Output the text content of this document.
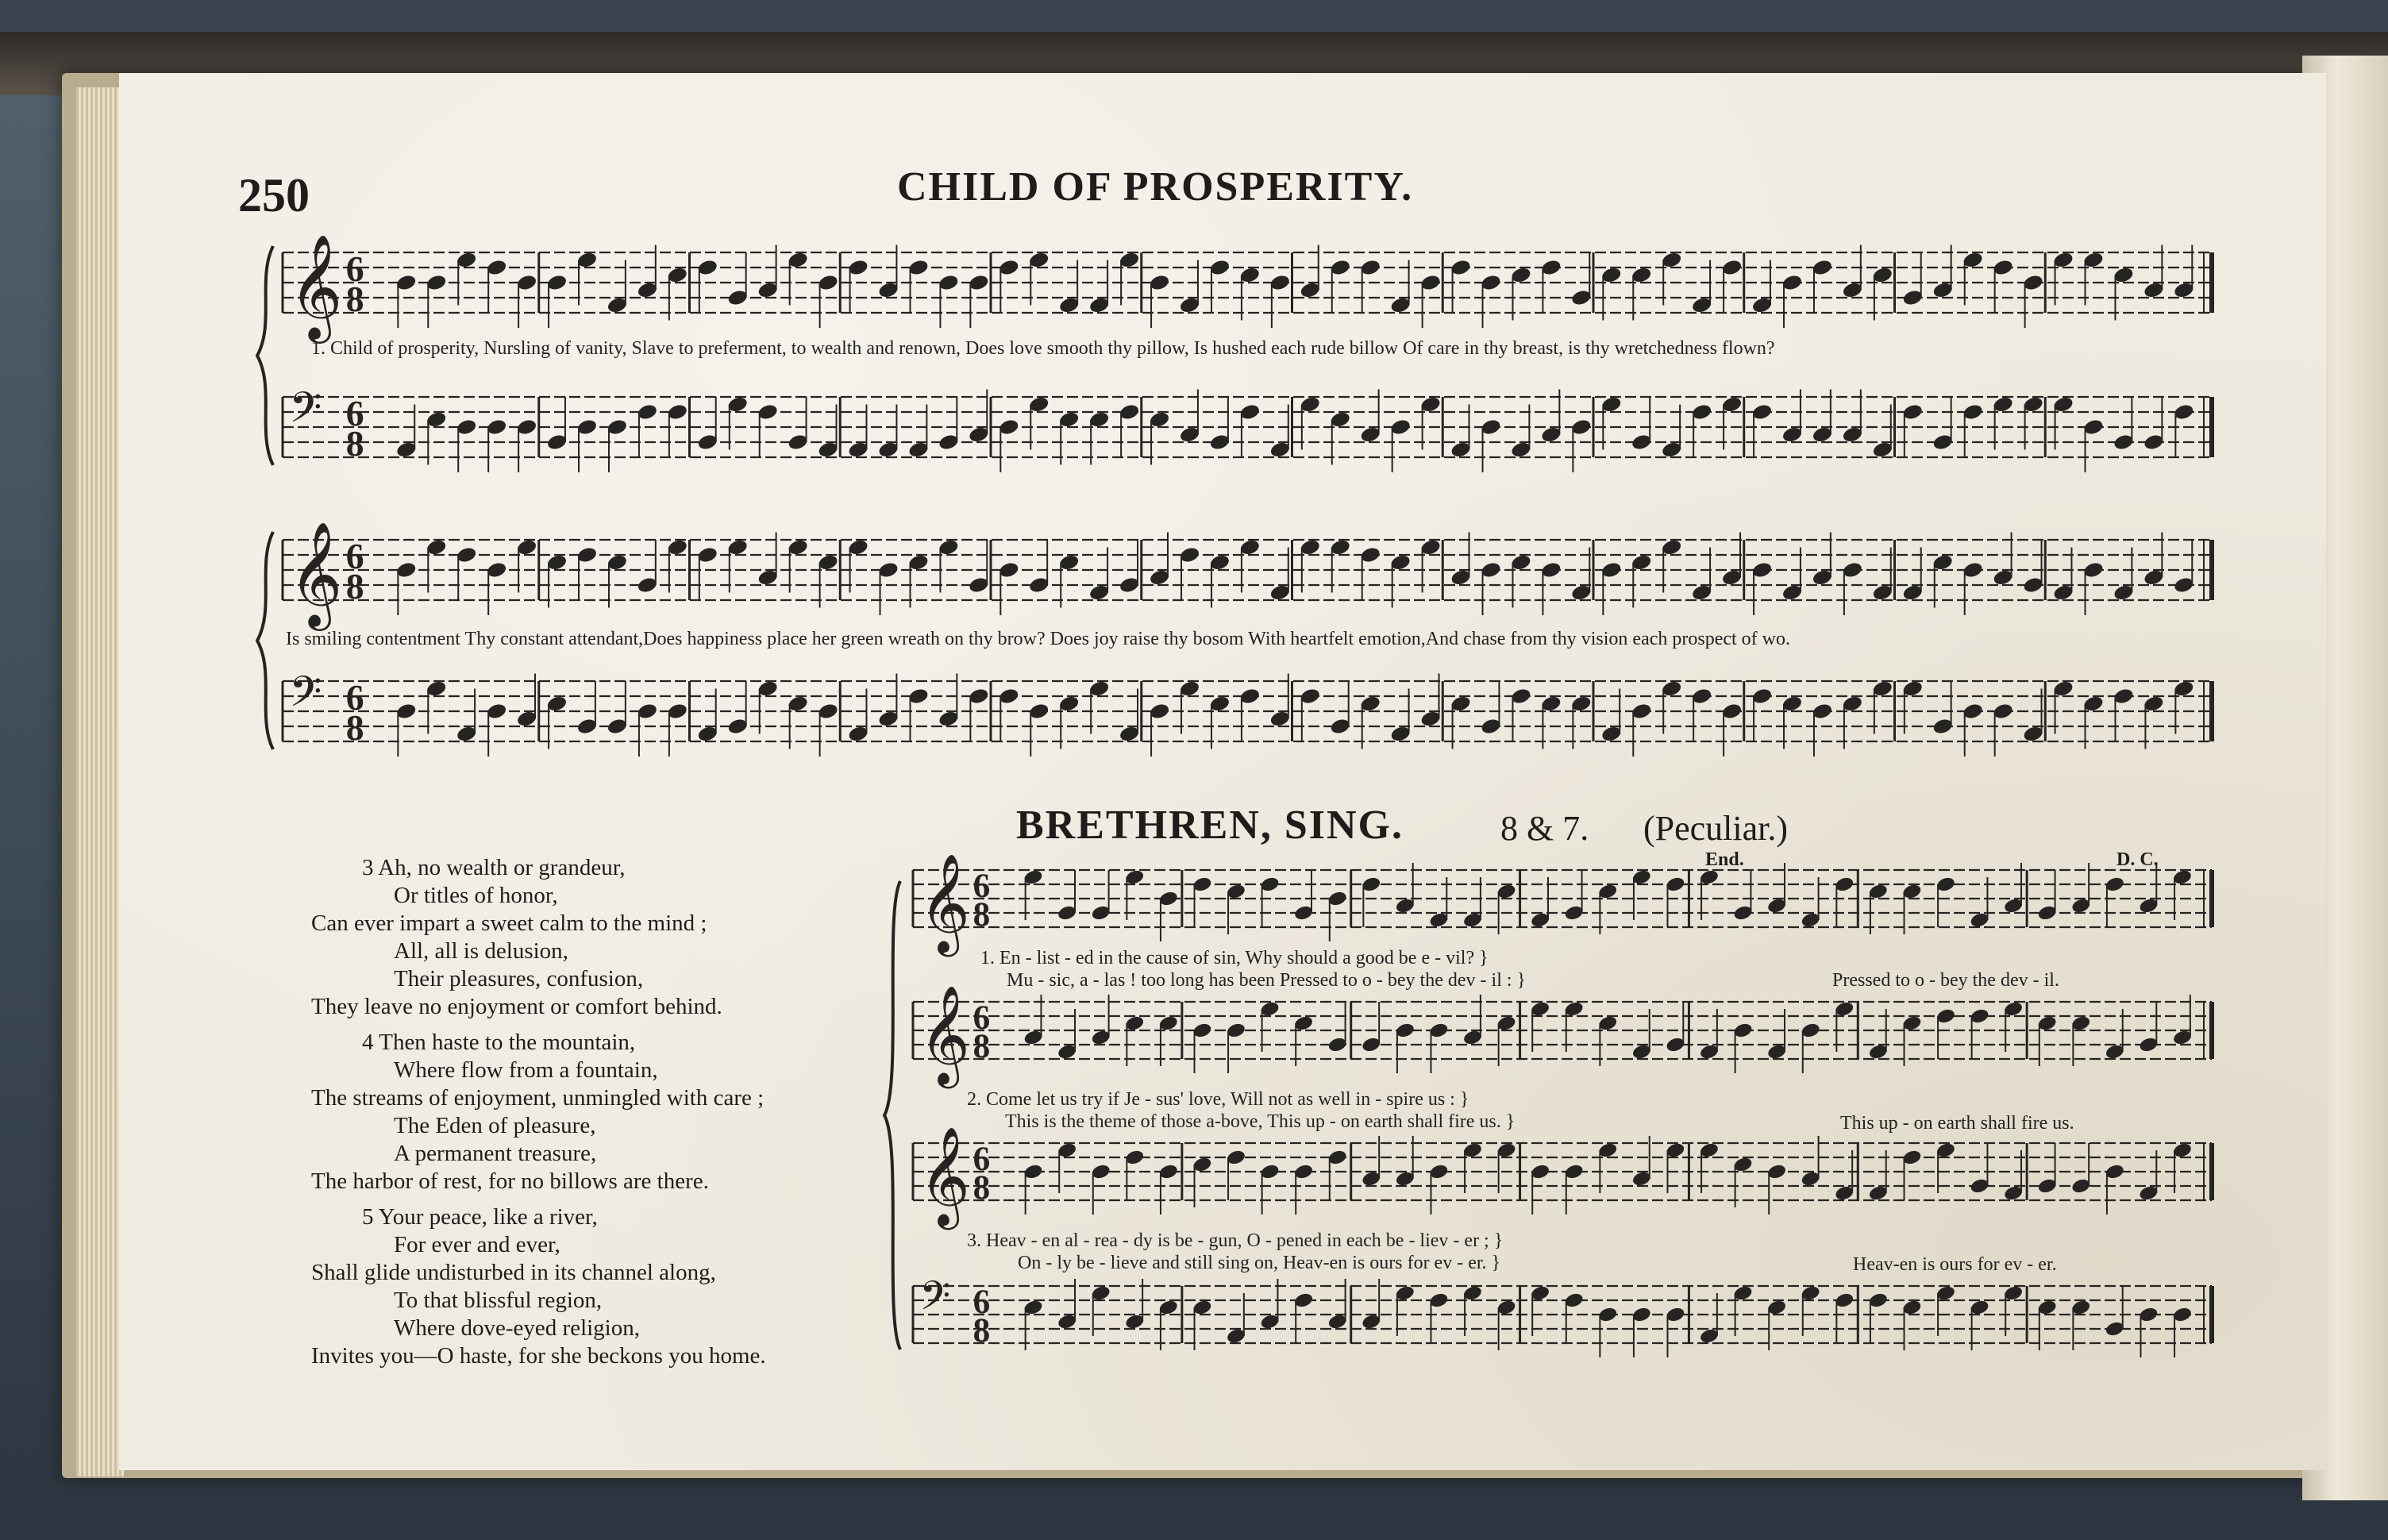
𝄞 6
8
𝄢 6
8
𝄞 6
8
𝄢 6
8
𝄞 6
8
𝄞 6
8
𝄞 6
8
𝄢 6
8
250	CHILD OF PROSPERITY.
1. Child of prosperity, Nursling of vanity, Slave to preferment, to wealth and renown, Does love smooth thy pillow, Is hushed each rude billow Of care in thy breast, is thy wretchedness flown?
Is smiling contentment Thy constant attendant,Does happiness place her green wreath on thy brow? Does joy raise thy bosom With heartfelt emotion,And chase from thy vision each prospect of wo.
BRETHREN, SING.	8 & 7. (Peculiar.)
End.	D. C.
1. En - list - ed in the cause of sin, Why should a good be e - vil? }
Mu - sic, a - las ! too long has been Pressed to o - bey the dev - il : }	Pressed to o - bey the dev - il.
2. Come let us try if Je - sus' love, Will not as well in - spire us : }
This is the theme of those a-bove, This up - on earth shall fire us. }	This up - on earth shall fire us.
3. Heav - en al - rea - dy is be - gun, O - pened in each be - liev - er ; }
On - ly be - lieve and still sing on, Heav-en is ours for ev - er. }	Heav-en is ours for ev - er.

3 Ah, no wealth or grandeur,

Or titles of honor,

Can ever impart a sweet calm to the mind ;

All, all is delusion,

Their pleasures, confusion,

They leave no enjoyment or comfort behind.

4 Then haste to the mountain,

Where flow from a fountain,

The streams of enjoyment, unmingled with care ;

The Eden of pleasure,

A permanent treasure,

The harbor of rest, for no billows are there.

5 Your peace, like a river,

For ever and ever,

Shall glide undisturbed in its channel along,

To that blissful region,

Where dove-eyed religion,

Invites you—O haste, for she beckons you home.
